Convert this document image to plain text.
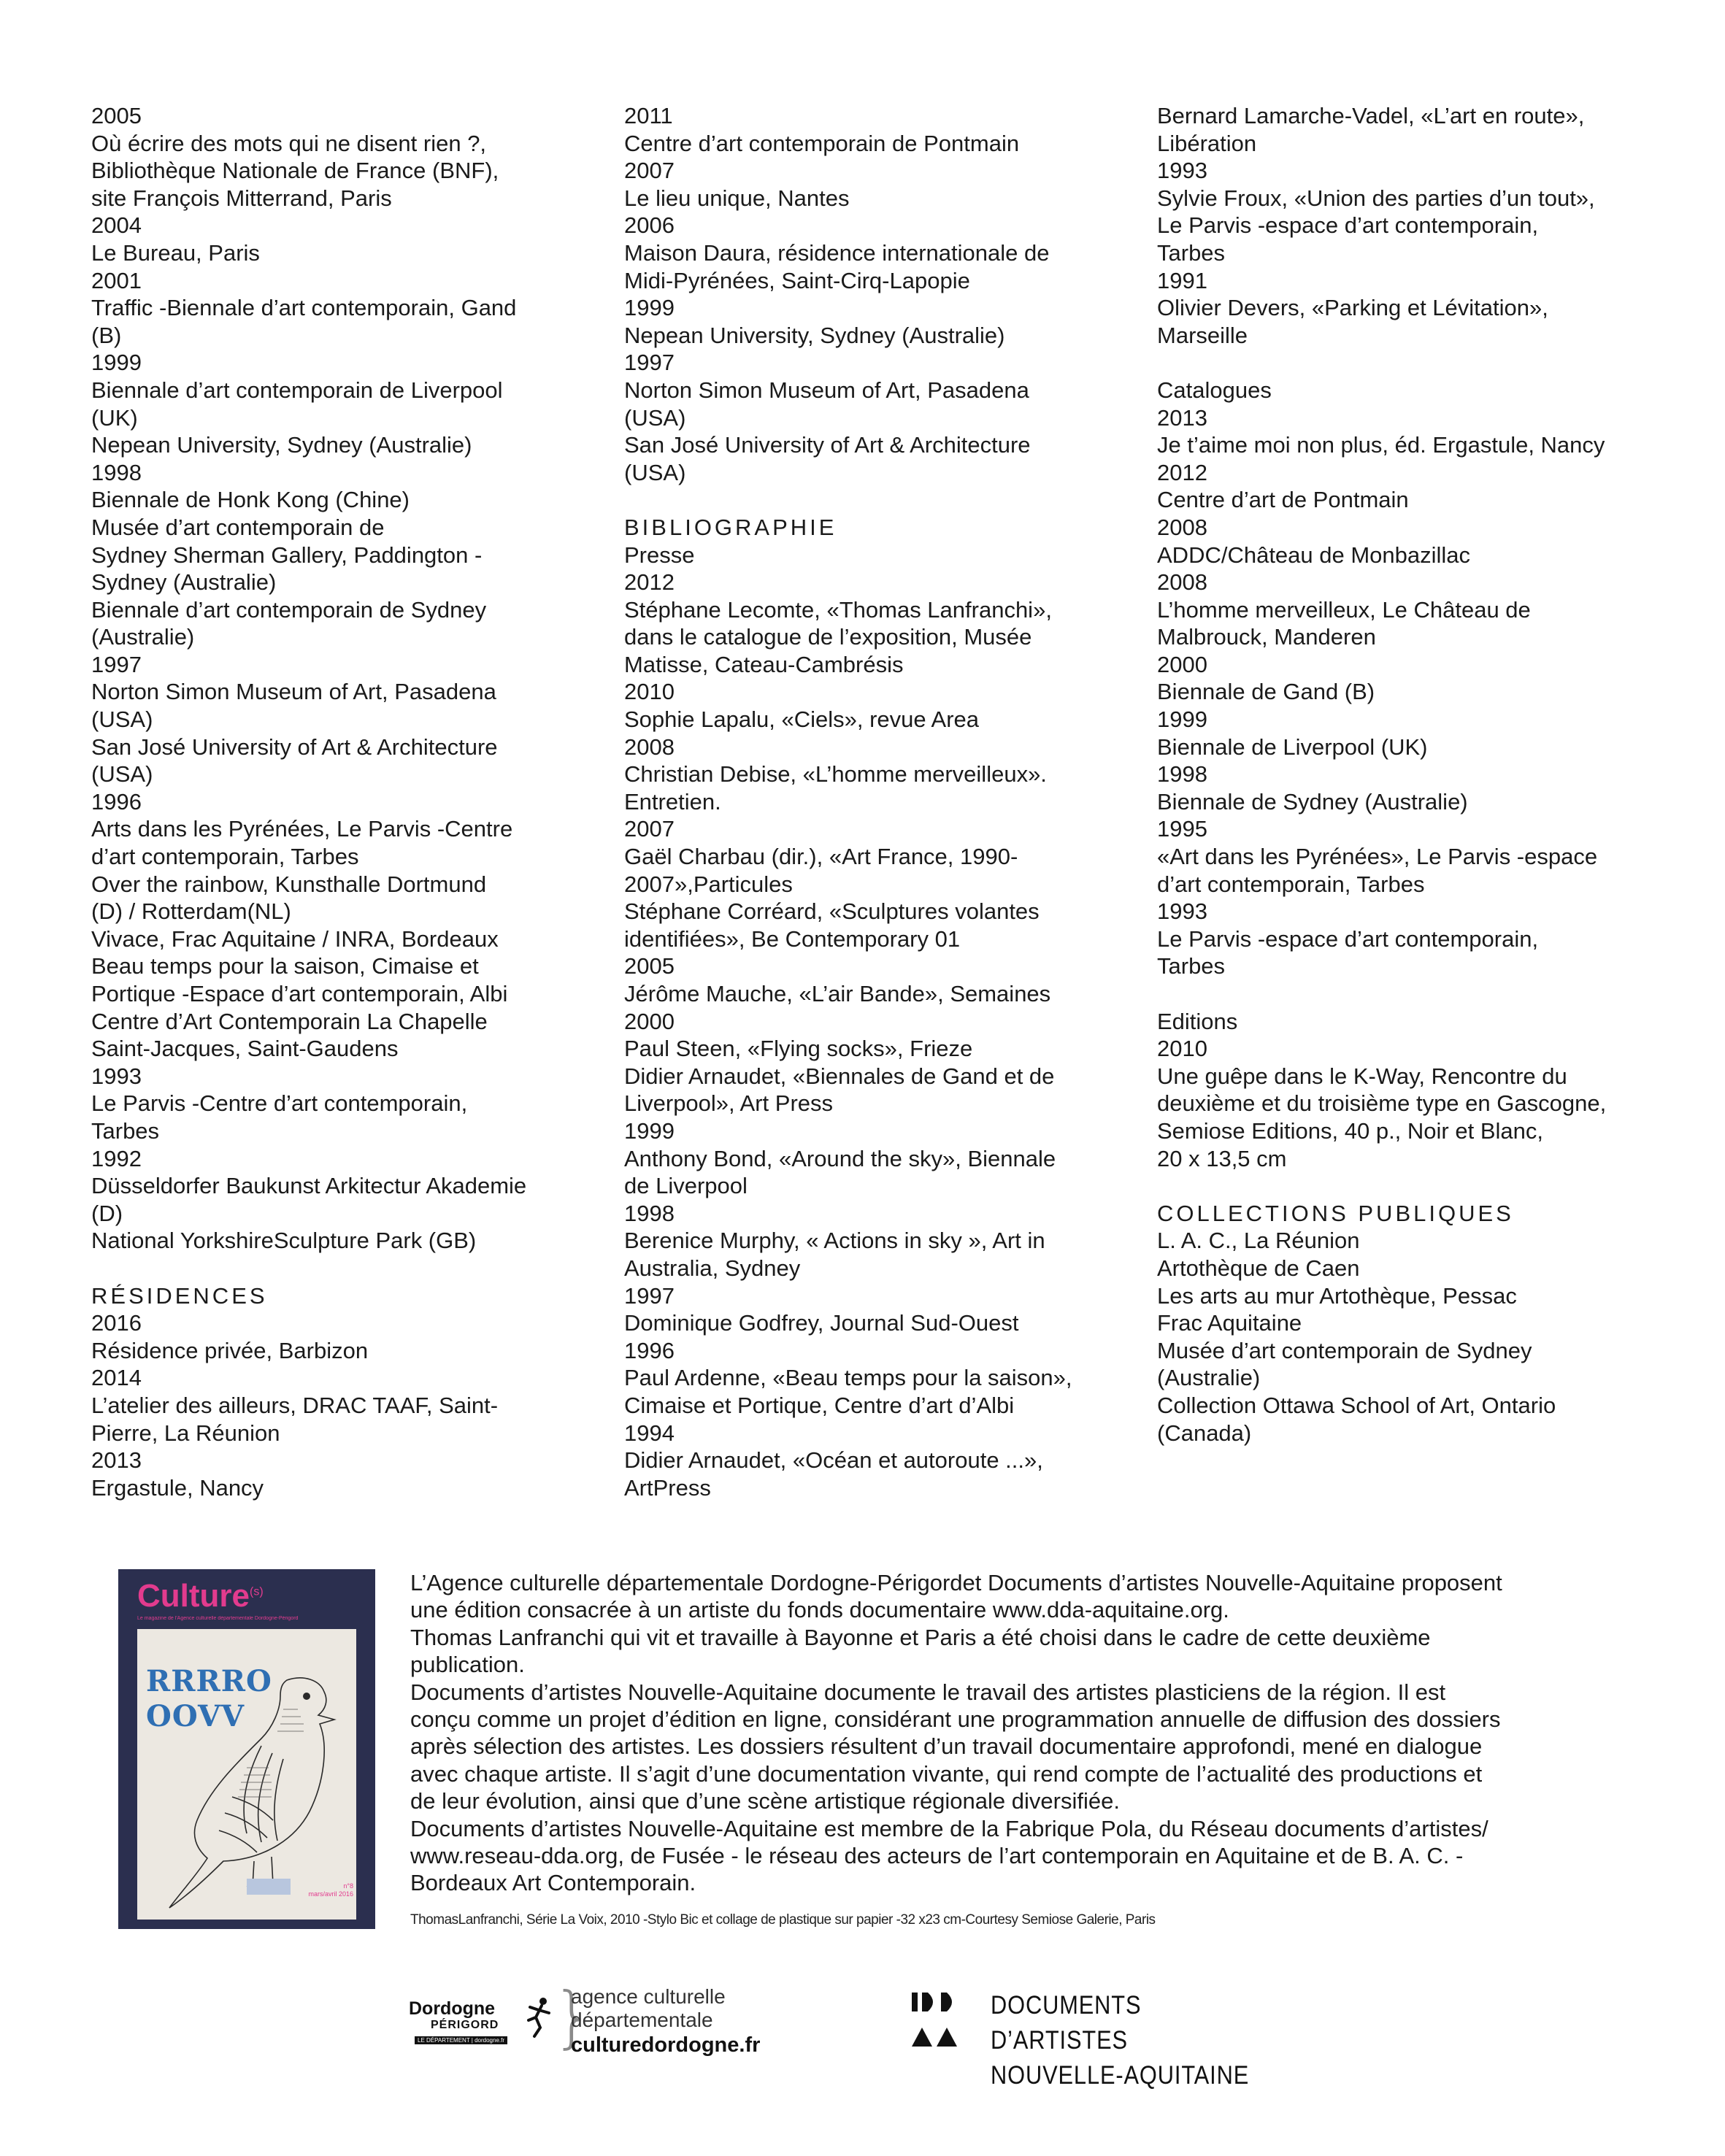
2005
Où écrire des mots qui ne disent rien ?,
Bibliothèque Nationale de France (BNF),
site François Mitterrand, Paris
2004
Le Bureau, Paris
2001
Traffic -Biennale d’art contemporain, Gand
(B)
1999
Biennale d’art contemporain de Liverpool
(UK)
Nepean University, Sydney (Australie)
1998
Biennale de Honk Kong (Chine)
Musée d’art contemporain de
Sydney Sherman Gallery, Paddington -
Sydney (Australie)
Biennale d’art contemporain de Sydney
(Australie)
1997
Norton Simon Museum of Art, Pasadena
(USA)
San José University of Art & Architecture
(USA)
1996
Arts dans les Pyrénées, Le Parvis -Centre
d’art contemporain, Tarbes
Over the rainbow, Kunsthalle Dortmund
(D) / Rotterdam(NL)
Vivace, Frac Aquitaine / INRA, Bordeaux
Beau temps pour la saison, Cimaise et
Portique -Espace d’art contemporain, Albi
Centre d’Art Contemporain La Chapelle
Saint-Jacques, Saint-Gaudens
1993
Le Parvis -Centre d’art contemporain,
Tarbes
1992
Düsseldorfer Baukunst Arkitectur Akademie
(D)
National YorkshireSculpture Park (GB)
RÉSIDENCES
2016
Résidence privée, Barbizon
2014
L’atelier des ailleurs, DRAC TAAF, Saint-
Pierre, La Réunion
2013
Ergastule, Nancy
2011
Centre d’art contemporain de Pontmain
2007
Le lieu unique, Nantes
2006
Maison Daura, résidence internationale de
Midi-Pyrénées, Saint-Cirq-Lapopie
1999
Nepean University, Sydney (Australie)
1997
Norton Simon Museum of Art, Pasadena
(USA)
San José University of Art & Architecture
(USA)
BIBLIOGRAPHIE
Presse
2012
Stéphane Lecomte, «Thomas Lanfranchi»,
dans le catalogue de l’exposition, Musée
Matisse, Cateau-Cambrésis
2010
Sophie Lapalu, «Ciels», revue Area
2008
Christian Debise, «L’homme merveilleux».
Entretien.
2007
Gaël Charbau (dir.), «Art France, 1990-
2007»,Particules
Stéphane Corréard, «Sculptures volantes
identifiées», Be Contemporary 01
2005
Jérôme Mauche, «L’air Bande», Semaines
2000
Paul Steen, «Flying socks», Frieze
Didier Arnaudet, «Biennales de Gand et de
Liverpool», Art Press
1999
Anthony Bond, «Around the sky», Biennale
de Liverpool
1998
Berenice Murphy, « Actions in sky », Art in
Australia, Sydney
1997
Dominique Godfrey, Journal Sud-Ouest
1996
Paul Ardenne, «Beau temps pour la saison»,
Cimaise et Portique, Centre d’art d’Albi
1994
Didier Arnaudet, «Océan et autoroute ...»,
ArtPress
Bernard Lamarche-Vadel, «L’art en route»,
Libération
1993
Sylvie Froux, «Union des parties d’un tout»,
Le Parvis -espace d’art contemporain,
Tarbes
1991
Olivier Devers, «Parking et Lévitation»,
Marseille
Catalogues
2013
Je t’aime moi non plus, éd. Ergastule, Nancy
2012
Centre d’art de Pontmain
2008
ADDC/Château de Monbazillac
2008
L’homme merveilleux, Le Château de
Malbrouck, Manderen
2000
Biennale de Gand (B)
1999
Biennale de Liverpool (UK)
1998
Biennale de Sydney (Australie)
1995
«Art dans les Pyrénées», Le Parvis -espace
d’art contemporain, Tarbes
1993
Le Parvis -espace d’art contemporain,
Tarbes
Editions
2010
Une guêpe dans le K-Way, Rencontre du
deuxième et du troisième type en Gascogne,
Semiose Editions, 40 p., Noir et Blanc,
20 x 13,5 cm
COLLECTIONS PUBLIQUES
L. A. C., La Réunion
Artothèque de Caen
Les arts au mur Artothèque, Pessac
Frac Aquitaine
Musée d’art contemporain de Sydney
(Australie)
Collection Ottawa School of Art, Ontario
(Canada)
Culture$^{(s)}$
Le magazine de l'Agence culturelle départementale Dordogne-Périgord
RRRRO
OOVV
n°8
mars/avril 2016
L’Agence culturelle départementale Dordogne-Périgordet Documents d’artistes Nouvelle-Aquitaine proposent
une édition consacrée à un artiste du fonds documentaire www.dda-aquitaine.org.
Thomas Lanfranchi qui vit et travaille à Bayonne et Paris a été choisi dans le cadre de cette deuxième
publication.
Documents d’artistes Nouvelle-Aquitaine documente le travail des artistes plasticiens de la région. Il est
conçu comme un projet d’édition en ligne, considérant une programmation annuelle de diffusion des dossiers
après sélection des artistes. Les dossiers résultent d’un travail documentaire approfondi, mené en dialogue
avec chaque artiste. Il s’agit d’une documentation vivante, qui rend compte de l’actualité des productions et
de leur évolution, ainsi que d’une scène artistique régionale diversifiée.
Documents d’artistes Nouvelle-Aquitaine est membre de la Fabrique Pola, du Réseau documents d’artistes/
www.reseau-dda.org, de Fusée - le réseau des acteurs de l’art contemporain en Aquitaine et de B. A. C. -
Bordeaux Art Contemporain.
ThomasLanfranchi, Série La Voix, 2010 -Stylo Bic et collage de plastique sur papier -32 x23 cm-Courtesy Semiose Galerie, Paris
Dordogne
PÉRIGORD
LE DÉPARTEMENT | dordogne.fr }
agence culturelle
départementale
culturedordogne.fr
DOCUMENTS D’ARTISTES
NOUVELLE-AQUITAINE
